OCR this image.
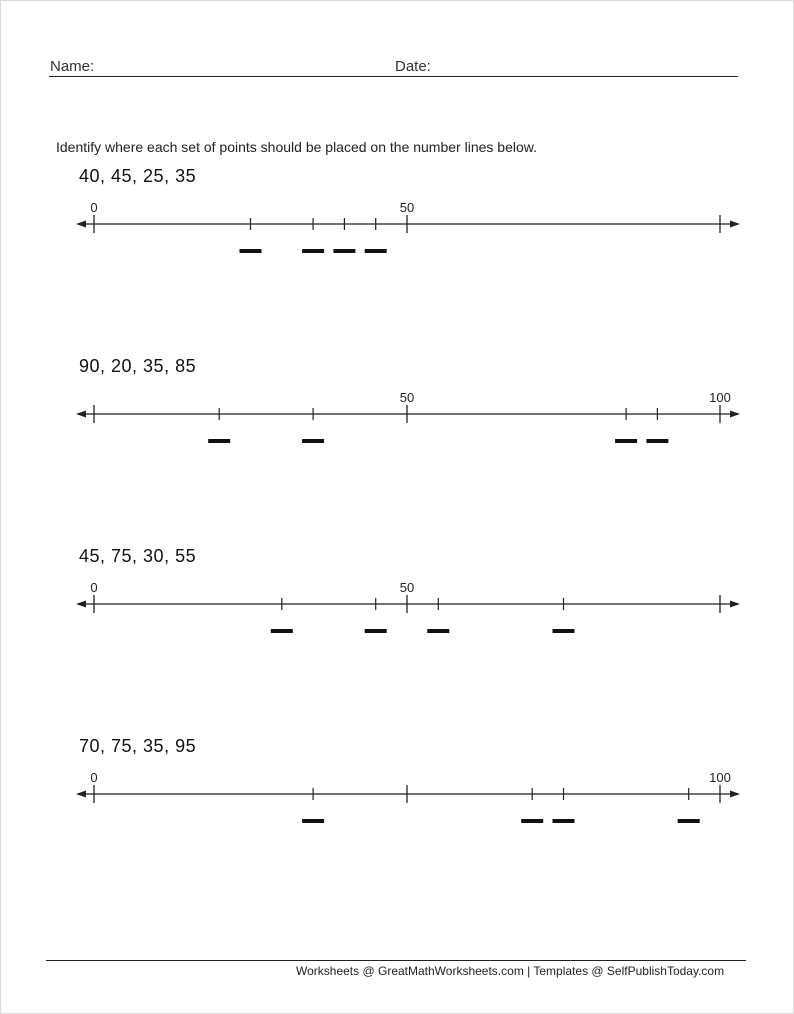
Name:	Date:
Identify where each set of points should be placed on the number lines below.
40, 45, 25, 35
0	50
90, 20, 35, 85
50	100
45, 75, 30, 55
0	50
70, 75, 35, 95
0	100
Worksheets @ GreatMathWorksheets.com | Templates @ SelfPublishToday.com
